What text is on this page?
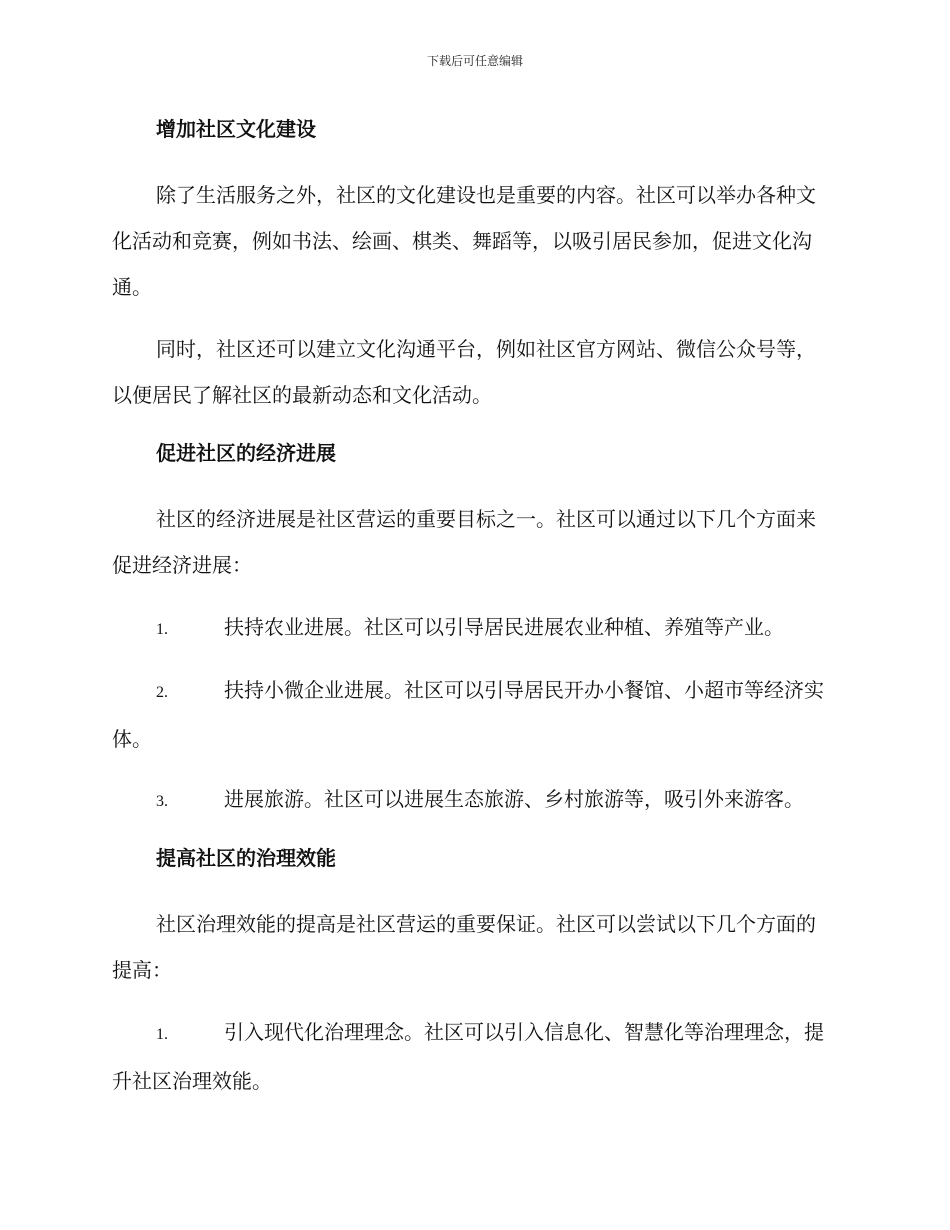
下载后可任意编辑
增加社区文化建设

除了生活服务之外，社区的文化建设也是重要的内容。社区可以举办各种文化活动和竞赛，例如书法、绘画、棋类、舞蹈等，以吸引居民参加，促进文化沟通。

同时，社区还可以建立文化沟通平台，例如社区官方网站、微信公众号等，以便居民了解社区的最新动态和文化活动。

促进社区的经济进展

社区的经济进展是社区营运的重要目标之一。社区可以通过以下几个方面来促进经济进展：

1.	扶持农业进展。社区可以引导居民进展农业种植、养殖等产业。
2.	扶持小微企业进展。社区可以引导居民开办小餐馆、小超市等经济实体。
3.	进展旅游。社区可以进展生态旅游、乡村旅游等，吸引外来游客。
提高社区的治理效能

社区治理效能的提高是社区营运的重要保证。社区可以尝试以下几个方面的提高：

1.	引入现代化治理理念。社区可以引入信息化、智慧化等治理理念，提升社区治理效能。
